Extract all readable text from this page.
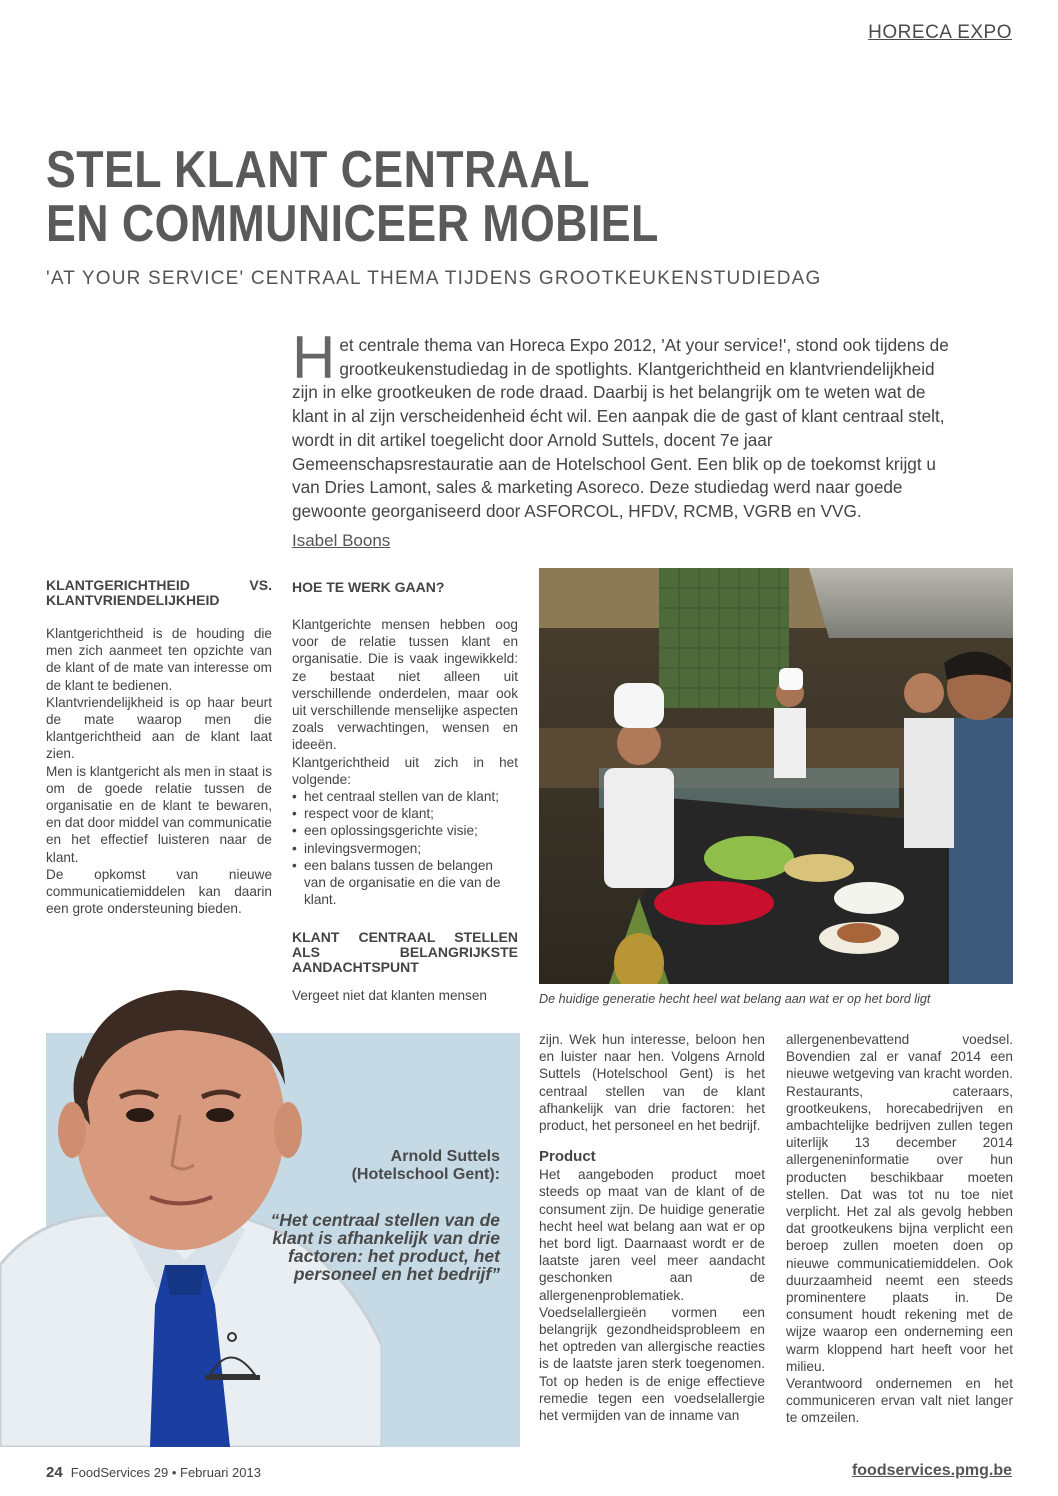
HORECA EXPO
STEL KLANT CENTRAAL
EN COMMUNICEER MOBIEL
'AT YOUR SERVICE' CENTRAAL THEMA TIJDENS GROOTKEUKENSTUDIEDAG
Het centrale thema van Horeca Expo 2012, 'At your service!', stond ook tijdens de grootkeukenstudiedag in de spotlights. Klantgerichtheid en klantvriendelijkheid zijn in elke grootkeuken de rode draad. Daarbij is het belangrijk om te weten wat de klant in al zijn verscheidenheid écht wil. Een aanpak die de gast of klant centraal stelt, wordt in dit artikel toegelicht door Arnold Suttels, docent 7e jaar Gemeenschapsrestauratie aan de Hotelschool Gent. Een blik op de toekomst krijgt u van Dries Lamont, sales & marketing Asoreco. Deze studiedag werd naar goede gewoonte georganiseerd door ASFORCOL, HFDV, RCMB, VGRB en VVG.
Isabel Boons
KLANTGERICHTHEID VS. KLANTVRIENDELIJKHEID

Klantgerichtheid is de houding die men zich aanmeet ten opzichte van de klant of de mate van interesse om de klant te bedienen.

Klantvriendelijkheid is op haar beurt de mate waarop men die klantgerichtheid aan de klant laat zien.

Men is klantgericht als men in staat is om de goede relatie tussen de organisatie en de klant te bewaren, en dat door middel van communicatie en het effectief luisteren naar de klant.

De opkomst van nieuwe communicatiemiddelen kan daarin een grote ondersteuning bieden.

HOE TE WERK GAAN?

Klantgerichte mensen hebben oog voor de relatie tussen klant en organisatie. Die is vaak ingewikkeld: ze bestaat niet alleen uit verschillende onderdelen, maar ook uit verschillende menselijke aspecten zoals verwachtingen, wensen en ideeën.

Klantgerichtheid uit zich in het volgende:

• het centraal stellen van de klant;
• respect voor de klant;
• een oplossingsgerichte visie;
• inlevingsvermogen;
• een balans tussen de belangen van de organisatie en die van de klant.
KLANT CENTRAAL STELLEN ALS BELANGRIJKSTE AANDACHTSPUNT

Vergeet niet dat klanten mensen	De huidige generatie hecht heel wat belang aan wat er op het bord ligt
Arnold Suttels
(Hotelschool Gent):
“Het centraal stellen van de klant is afhankelijk van drie factoren: het product, het personeel en het bedrijf”

zijn. Wek hun interesse, beloon hen en luister naar hen. Volgens Arnold Suttels (Hotelschool Gent) is het centraal stellen van de klant afhankelijk van drie factoren: het product, het personeel en het bedrijf.

Product

Het aangeboden product moet steeds op maat van de klant of de consument zijn. De huidige generatie hecht heel wat belang aan wat er op het bord ligt. Daarnaast wordt er de laatste jaren veel meer aandacht geschonken aan de allergenenproblematiek. Voedselallergieën vormen een belangrijk gezondheidsprobleem en het optreden van allergische reacties is de laatste jaren sterk toegenomen. Tot op heden is de enige effectieve remedie tegen een voedselallergie het vermijden van de inname van

allergenenbevattend voedsel. Bovendien zal er vanaf 2014 een nieuwe wetgeving van kracht worden. Restaurants, cateraars, grootkeukens, horecabedrijven en ambachtelijke bedrijven zullen tegen uiterlijk 13 december 2014 allergeneninformatie over hun producten beschikbaar moeten stellen. Dat was tot nu toe niet verplicht. Het zal als gevolg hebben dat grootkeukens bijna verplicht een beroep zullen moeten doen op nieuwe communicatiemiddelen. Ook duurzaamheid neemt een steeds prominentere plaats in. De consument houdt rekening met de wijze waarop een onderneming een warm kloppend hart heeft voor het milieu.

Verantwoord ondernemen en het communiceren ervan valt niet langer te omzeilen.

24 FoodServices 29 • Februari 2013	foodservices.pmg.be
